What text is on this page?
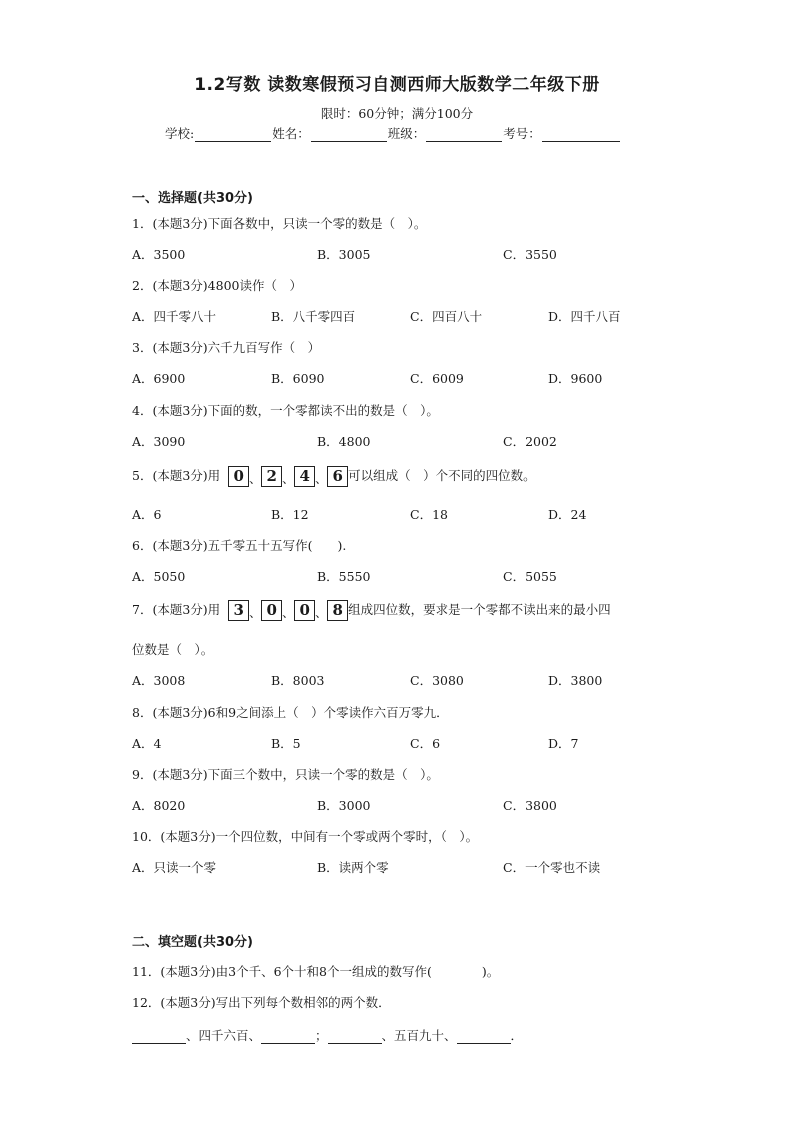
1.2写数 读数寒假预习自测西师大版数学二年级下册
限时：60分钟；满分100分
学校:	姓名：	班级：	考号：
一、选择题(共30分)
1．(本题3分)下面各数中，只读一个零的数是（　）。
A．3500	B．3005	C．3550
2．(本题3分)4800读作（　）
A．四千零八十	B．八千零四百	C．四百八十	D．四千八百
3．(本题3分)六千九百写作（　）
A．6900	B．6090	C．6009	D．9600
4．(本题3分)下面的数，一个零都读不出的数是（　）。
A．3090	B．4800	C．2002
5．(本题3分)用 0 、 2 、 4 、 6 可以组成（　）个不同的四位数。
A．6	B．12	C．18	D．24
6．(本题3分)五千零五十五写作(　　).
A．5050	B．5550	C．5055
7．(本题3分)用 3 、 0 、 0 、 8 组成四位数，要求是一个零都不读出来的最小四
位数是（　）。
A．3008	B．8003	C．3080	D．3800
8．(本题3分)6和9之间添上（　）个零读作六百万零九．
A．4	B．5	C．6	D．7
9．(本题3分)下面三个数中，只读一个零的数是（　）。
A．8020	B．3000	C．3800
10．(本题3分)一个四位数，中间有一个零或两个零时，（　）。
A．只读一个零	B．读两个零	C．一个零也不读
二、填空题(共30分)
11．(本题3分)由3个千、6个十和8个一组成的数写作(　　　　)。
12．(本题3分)写出下列每个数相邻的两个数．
、四千六百、	；	、五百九十、	．
